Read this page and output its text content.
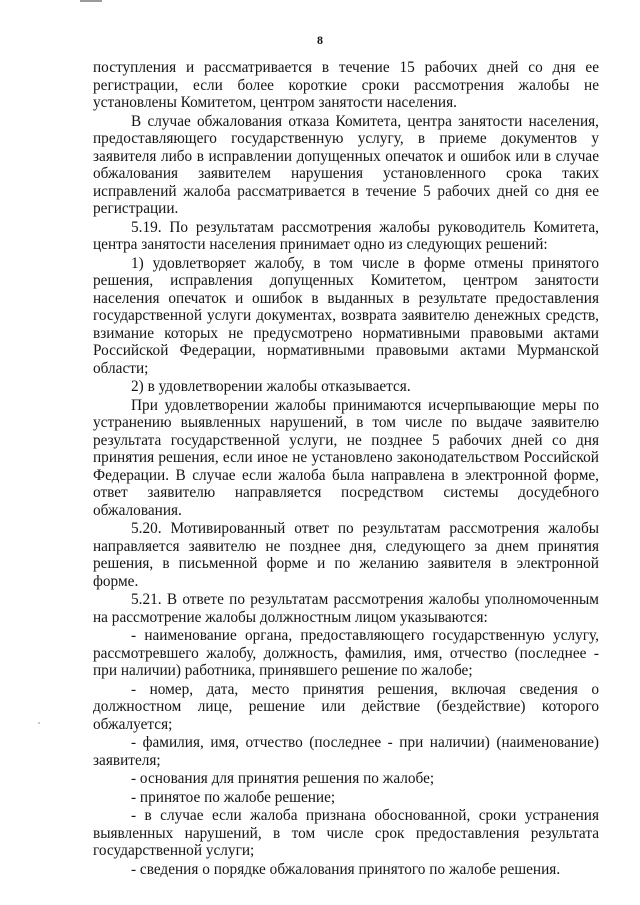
8

поступления и рассматривается в течение 15 рабочих дней со дня ее регистрации, если более короткие сроки рассмотрения жалобы не установлены Комитетом, центром занятости населения.

В случае обжалования отказа Комитета, центра занятости населения, предоставляющего государственную услугу, в приеме документов у заявителя либо в исправлении допущенных опечаток и ошибок или в случае обжалования заявителем нарушения установленного срока таких исправлений жалоба рассматривается в течение 5 рабочих дней со дня ее регистрации.

5.19. По результатам рассмотрения жалобы руководитель Комитета, центра занятости населения принимает одно из следующих решений:

1) удовлетворяет жалобу, в том числе в форме отмены принятого решения, исправления допущенных Комитетом, центром занятости населения опечаток и ошибок в выданных в результате предоставления государственной услуги документах, возврата заявителю денежных средств, взимание которых не предусмотрено нормативными правовыми актами Российской Федерации, нормативными правовыми актами Мурманской области;

2) в удовлетворении жалобы отказывается.

При удовлетворении жалобы принимаются исчерпывающие меры по устранению выявленных нарушений, в том числе по выдаче заявителю результата государственной услуги, не позднее 5 рабочих дней со дня принятия решения, если иное не установлено законодательством Российской Федерации. В случае если жалоба была направлена в электронной форме, ответ заявителю направляется посредством системы досудебного обжалования.

5.20. Мотивированный ответ по результатам рассмотрения жалобы направляется заявителю не позднее дня, следующего за днем принятия решения, в письменной форме и по желанию заявителя в электронной форме.

5.21. В ответе по результатам рассмотрения жалобы уполномоченным на рассмотрение жалобы должностным лицом указываются:

- наименование органа, предоставляющего государственную услугу, рассмотревшего жалобу, должность, фамилия, имя, отчество (последнее - при наличии) работника, принявшего решение по жалобе;

- номер, дата, место принятия решения, включая сведения о должностном лице, решение или действие (бездействие) которого обжалуется;

- фамилия, имя, отчество (последнее - при наличии) (наименование) заявителя;

- основания для принятия решения по жалобе;

- принятое по жалобе решение;

- в случае если жалоба признана обоснованной, сроки устранения выявленных нарушений, в том числе срок предоставления результата государственной услуги;

- сведения о порядке обжалования принятого по жалобе решения.
